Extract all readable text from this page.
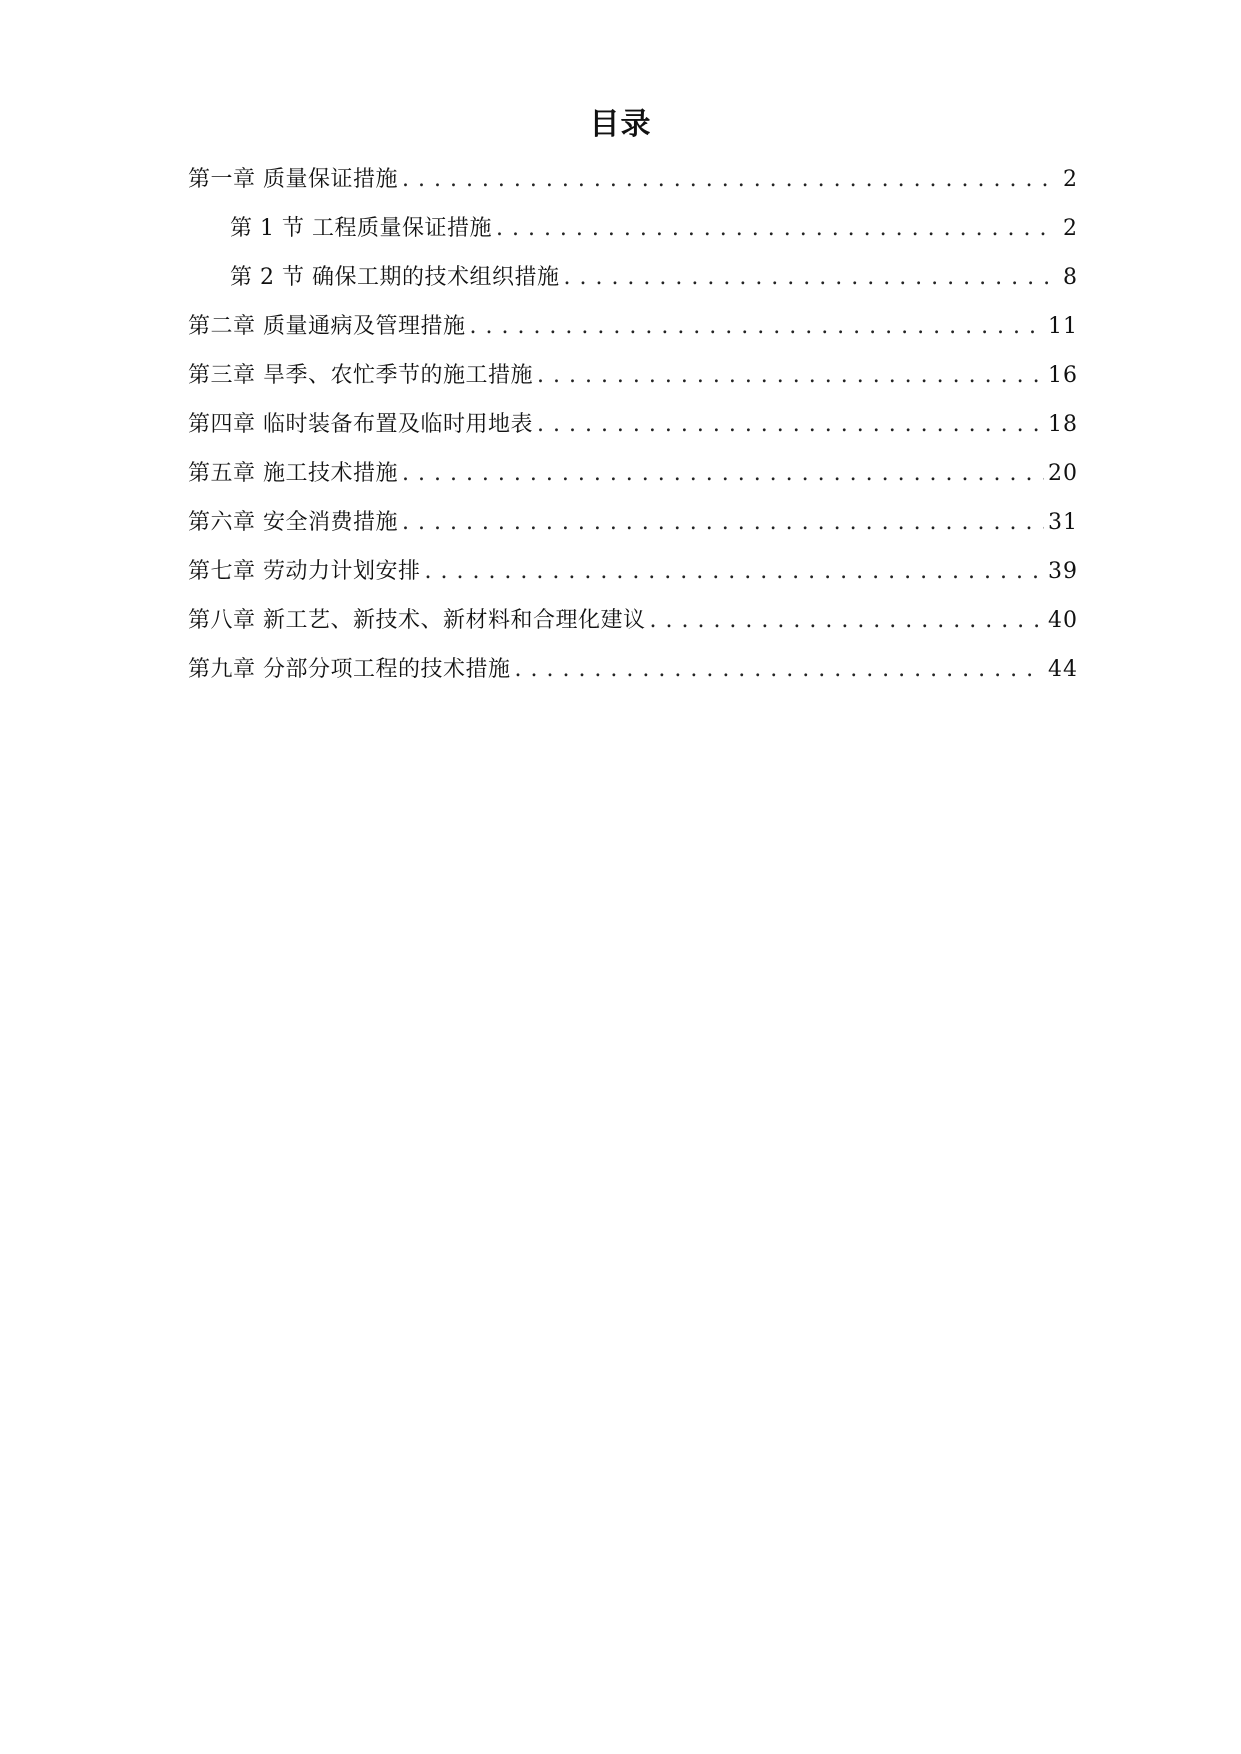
目录
第一章 质量保证措施 . . .	2
第 1 节 工程质量保证措施 . . .	2
第 2 节 确保工期的技术组织措施 . . .	8
第二章 质量通病及管理措施 . . .	11
第三章 旱季、农忙季节的施工措施 . . .	16
第四章 临时装备布置及临时用地表 . . .	18
第五章 施工技术措施 . . .	20
第六章 安全消费措施 . . .	31
第七章 劳动力计划安排 . . .	39
第八章 新工艺、新技术、新材料和合理化建议 . . .	40
第九章 分部分项工程的技术措施 . . .	44
